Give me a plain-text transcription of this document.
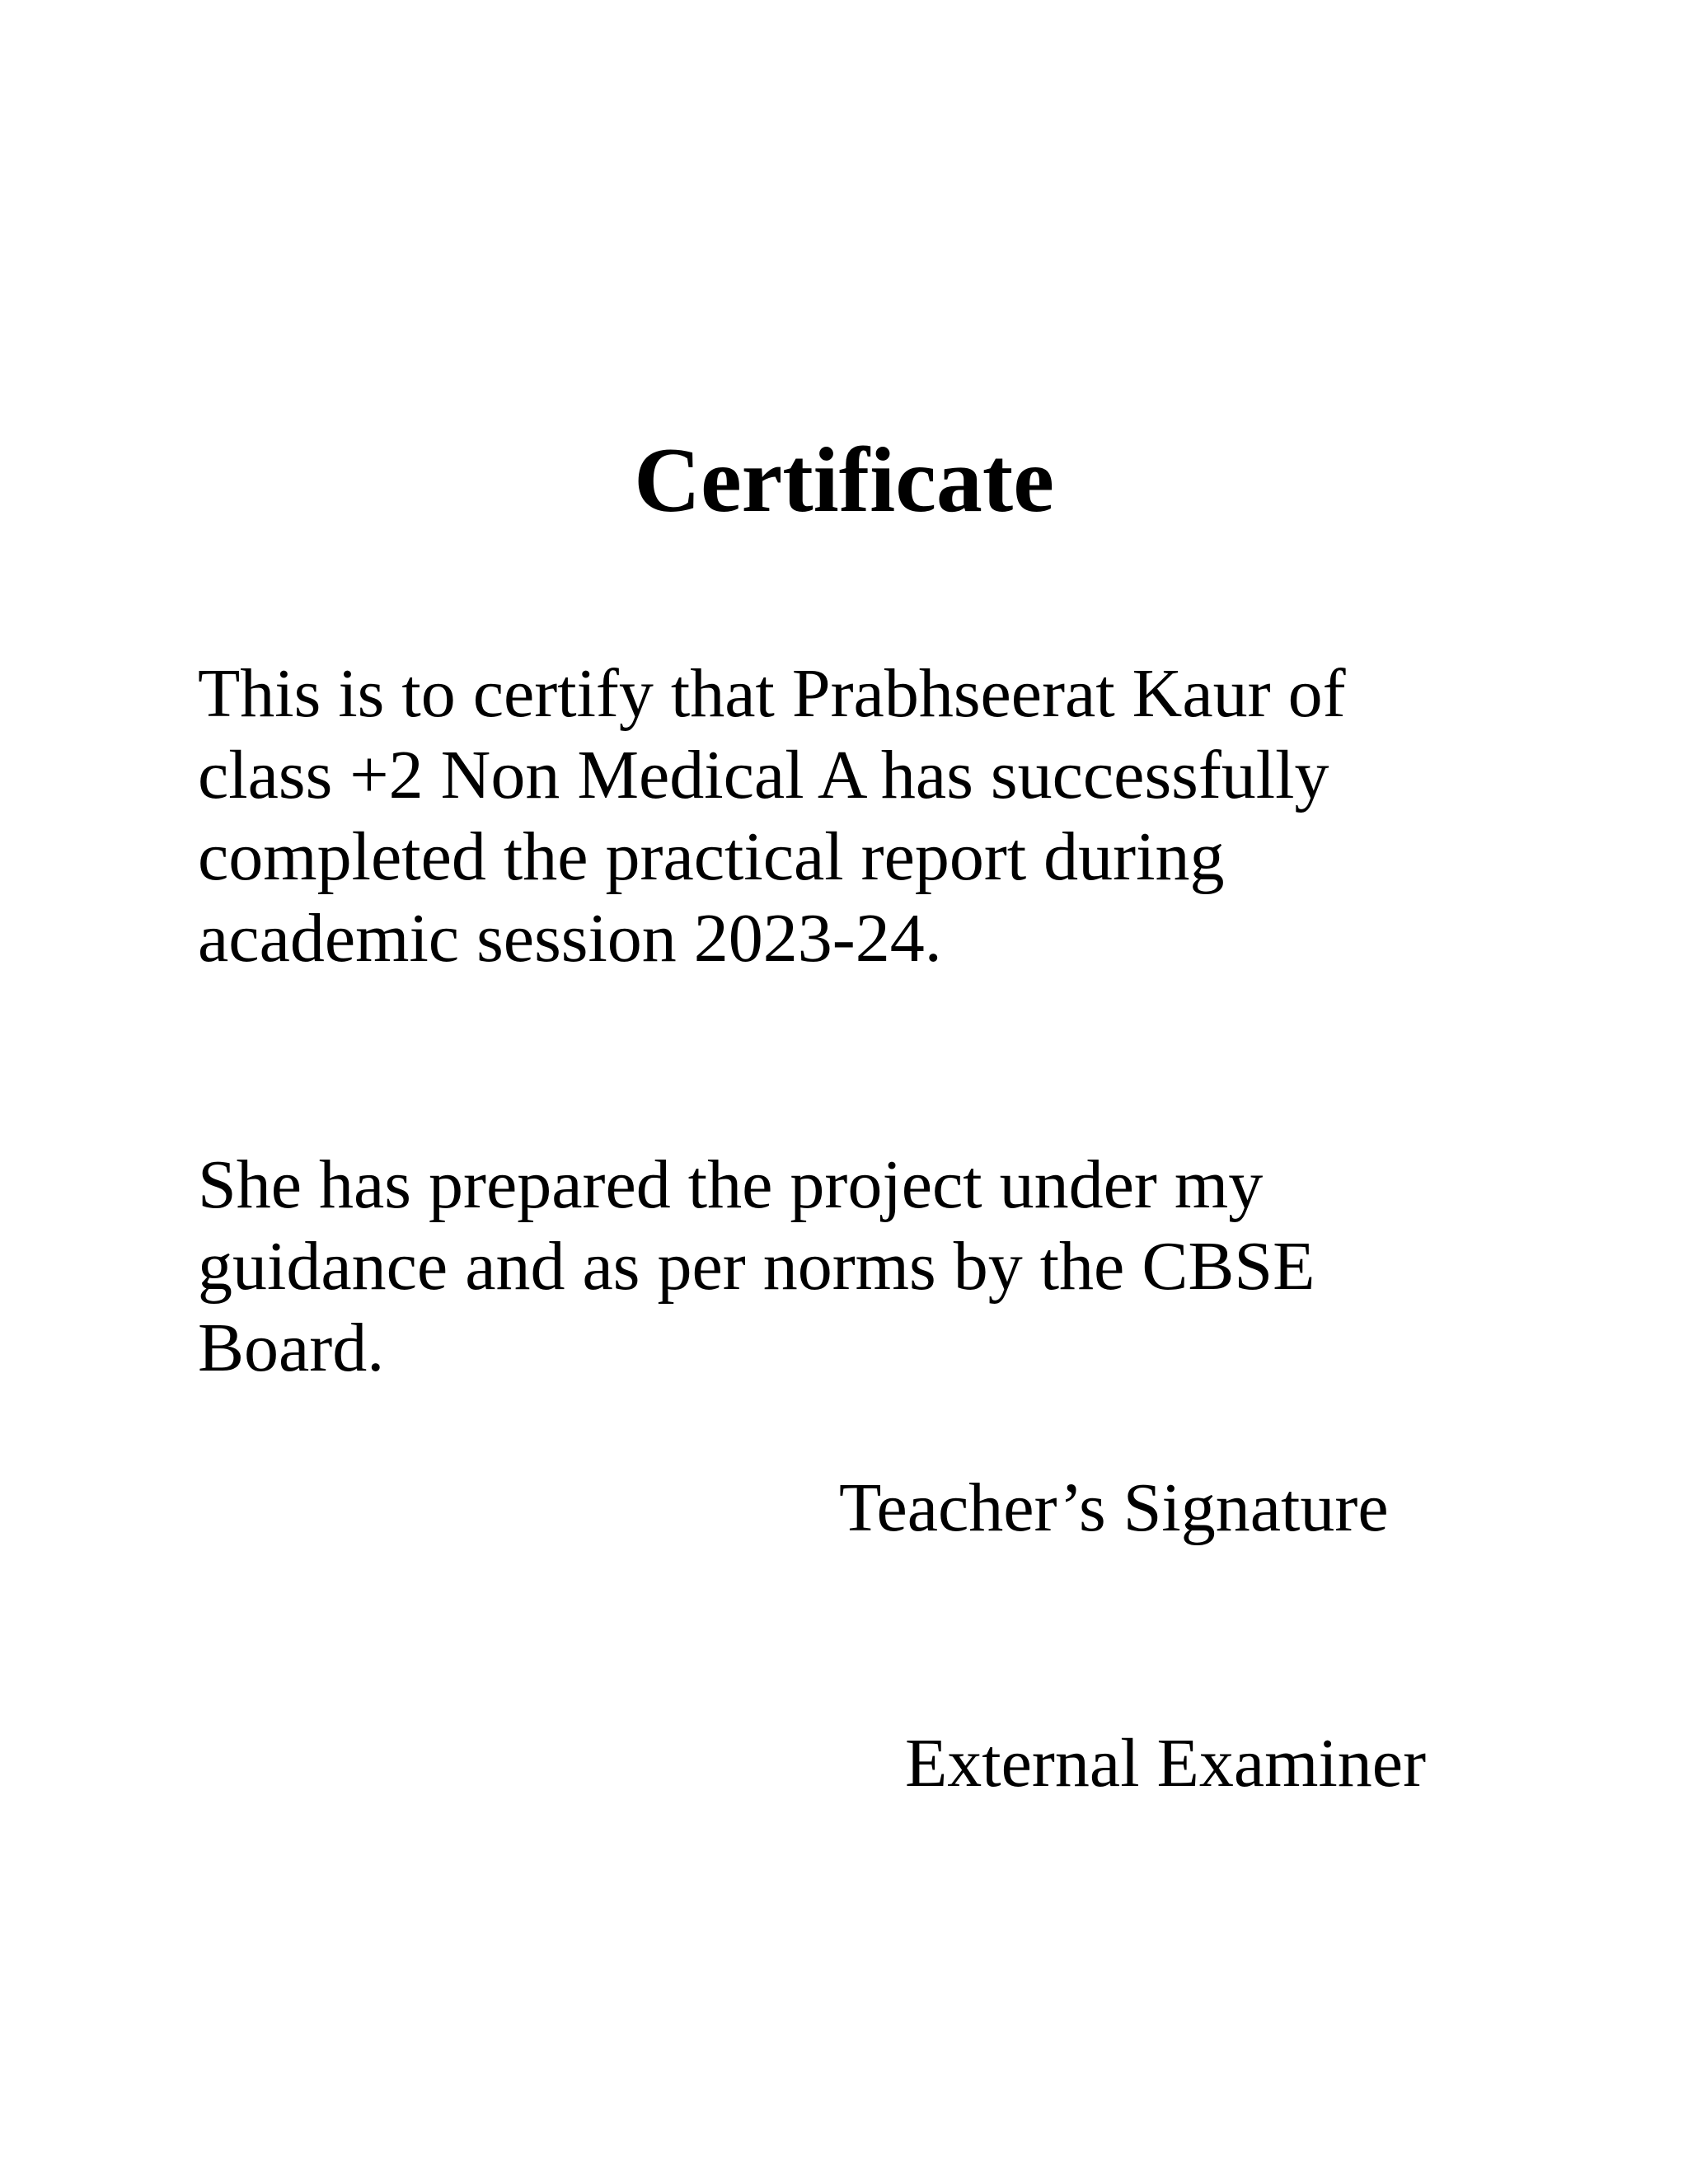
Certificate

This is to certify that Prabhseerat Kaur of
class +2 Non Medical A has successfully
completed the practical report during
academic session 2023-24.

She has prepared the project under my
guidance and as per norms by the CBSE
Board.

Teacher’s Signature

External Examiner
